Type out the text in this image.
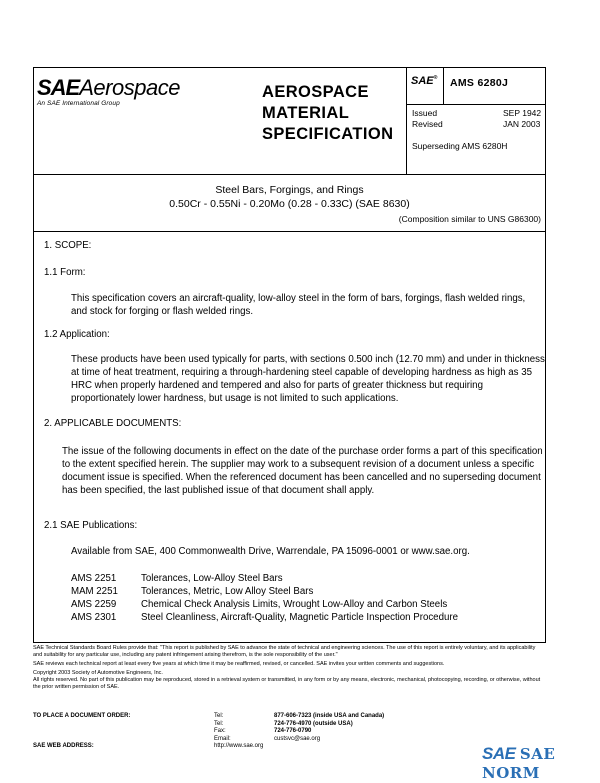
SAEAerospace
An SAE International Group
AEROSPACE
MATERIAL
SPECIFICATION
SAE® AMS 6280J
Issued	SEP 1942
Revised	JAN 2003
Superseding AMS 6280H
Steel Bars, Forgings, and Rings
0.50Cr - 0.55Ni - 0.20Mo (0.28 - 0.33C) (SAE 8630)
(Composition similar to UNS G86300)
1. SCOPE:
1.1 Form:
This specification covers an aircraft-quality, low-alloy steel in the form of bars, forgings, flash welded rings, and stock for forging or flash welded rings.
1.2 Application:
These products have been used typically for parts, with sections 0.500 inch (12.70 mm) and under in thickness at time of heat treatment, requiring a through-hardening steel capable of developing hardness as high as 35 HRC when properly hardened and tempered and also for parts of greater thickness but requiring proportionately lower hardness, but usage is not limited to such applications.
2. APPLICABLE DOCUMENTS:
The issue of the following documents in effect on the date of the purchase order forms a part of this specification to the extent specified herein. The supplier may work to a subsequent revision of a document unless a specific document issue is specified. When the referenced document has been cancelled and no superseding document has been specified, the last published issue of that document shall apply.
2.1 SAE Publications:
Available from SAE, 400 Commonwealth Drive, Warrendale, PA 15096-0001 or www.sae.org.
AMS 2251	Tolerances, Low-Alloy Steel Bars
MAM 2251 Tolerances, Metric, Low Alloy Steel Bars
AMS 2259	Chemical Check Analysis Limits, Wrought Low-Alloy and Carbon Steels
AMS 2301	Steel Cleanliness, Aircraft-Quality, Magnetic Particle Inspection Procedure

SAE Technical Standards Board Rules provide that: "This report is published by SAE to advance the state of technical and engineering sciences. The use of this report is entirely voluntary, and its applicability and suitability for any particular use, including any patent infringement arising therefrom, is the sole responsibility of the user."

SAE reviews each technical report at least every five years at which time it may be reaffirmed, revised, or cancelled. SAE invites your written comments and suggestions.

Copyright 2003 Society of Automotive Engineers, Inc.

All rights reserved. No part of this publication may be reproduced, stored in a retrieval system or transmitted, in any form or by any means, electronic, mechanical, photocopying, recording, or otherwise, without the prior written permission of SAE.

TO PLACE A DOCUMENT ORDER:	Tel:	877-606-7323 (inside USA and Canada)
Tel:	724-776-4970 (outside USA)
Fax:	724-776-0790
Email:	custsvc@sae.org
SAE WEB ADDRESS:	http://www.sae.org	SAE SAE NORM
